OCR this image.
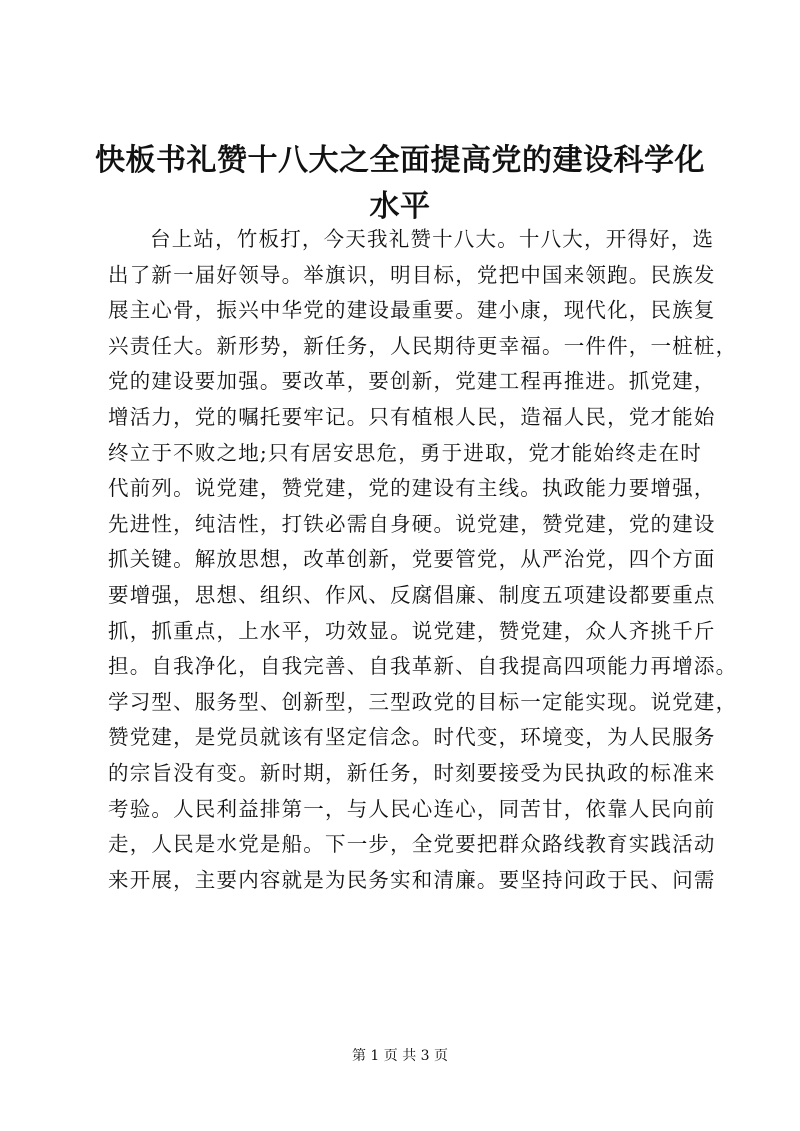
快板书礼赞十八大之全面提高党的建设科学化
水平
台上站，竹板打，今天我礼赞十八大。十八大，开得好，选
出了新一届好领导。举旗识，明目标，党把中国来领跑。民族发
展主心骨，振兴中华党的建设最重要。建小康，现代化，民族复
兴责任大。新形势，新任务，人民期待更幸福。一件件，一桩桩，
党的建设要加强。要改革，要创新，党建工程再推进。抓党建，
增活力，党的嘱托要牢记。只有植根人民，造福人民，党才能始
终立于不败之地;只有居安思危，勇于进取，党才能始终走在时
代前列。说党建，赞党建，党的建设有主线。执政能力要增强，
先进性，纯洁性，打铁必需自身硬。说党建，赞党建，党的建设
抓关键。解放思想，改革创新，党要管党，从严治党，四个方面
要增强，思想、组织、作风、反腐倡廉、制度五项建设都要重点
抓，抓重点，上水平，功效显。说党建，赞党建，众人齐挑千斤
担。自我净化，自我完善、自我革新、自我提高四项能力再增添。
学习型、服务型、创新型，三型政党的目标一定能实现。说党建，
赞党建，是党员就该有坚定信念。时代变，环境变，为人民服务
的宗旨没有变。新时期，新任务，时刻要接受为民执政的标准来
考验。人民利益排第一，与人民心连心，同苦甘，依靠人民向前
走，人民是水党是船。下一步，全党要把群众路线教育实践活动
来开展，主要内容就是为民务实和清廉。要坚持问政于民、问需
第 1 页 共 3 页
